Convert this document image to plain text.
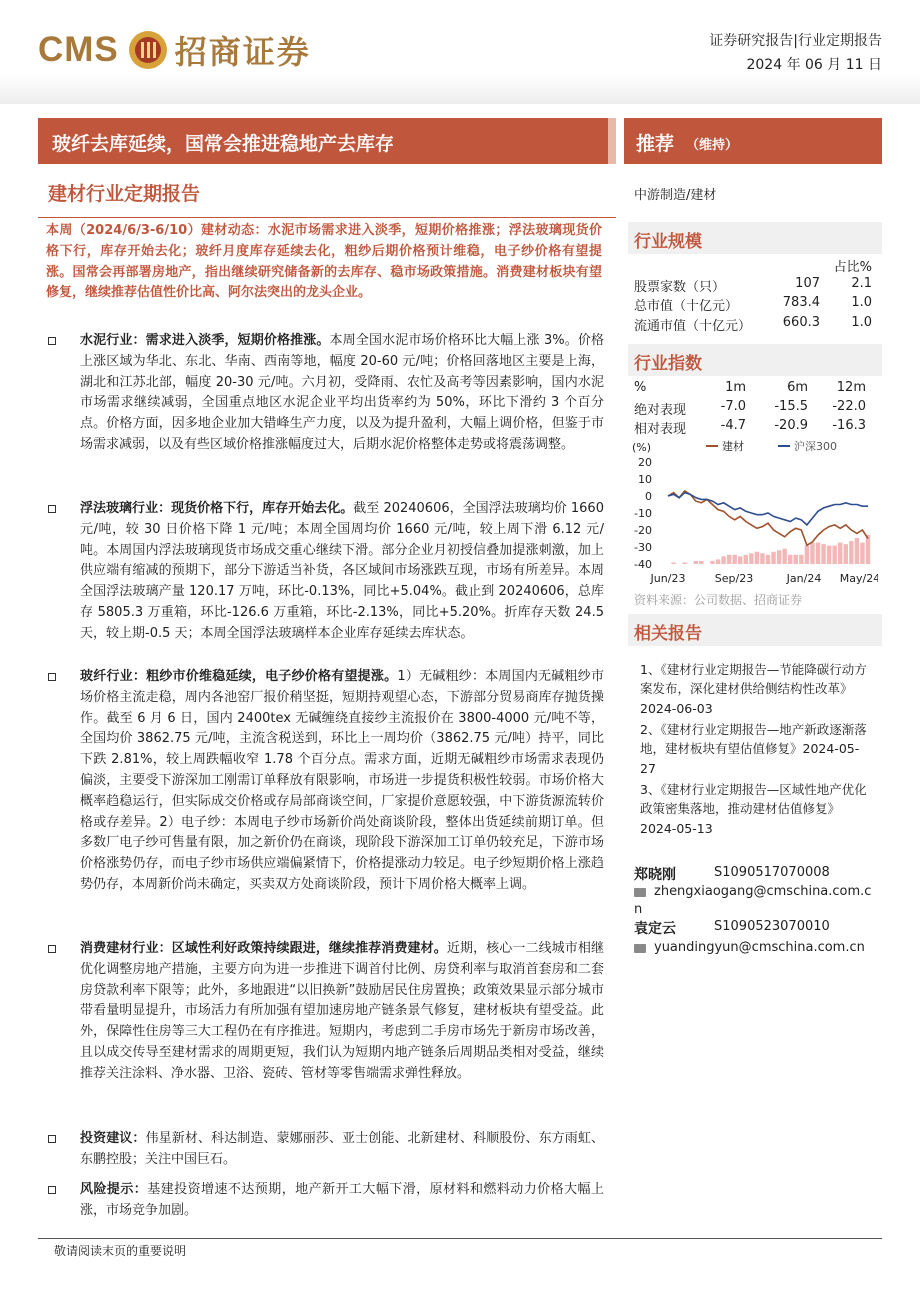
CMS 招商证券	证券研究报告|行业定期报告
2024 年 06 月 11 日
玻纤去库延续，国常会推进稳地产去库存	推荐 （维持）
建材行业定期报告
本周（2024/6/3-6/10）建材动态：水泥市场需求进入淡季，短期价格推涨；浮法玻璃现货价格下行，库存开始去化；玻纤月度库存延续去化，粗纱后期价格预计维稳，电子纱价格有望提涨。国常会再部署房地产，指出继续研究储备新的去库存、稳市场政策措施。消费建材板块有望修复，继续推荐估值性价比高、阿尔法突出的龙头企业。
水泥行业：需求进入淡季，短期价格推涨。本周全国水泥市场价格环比大幅上涨 3%。价格上涨区域为华北、东北、华南、西南等地，幅度 20-60 元/吨；价格回落地区主要是上海，湖北和江苏北部，幅度 20-30 元/吨。六月初，受降雨、农忙及高考等因素影响，国内水泥市场需求继续减弱，全国重点地区水泥企业平均出货率约为 50%，环比下滑约 3 个百分点。价格方面，因多地企业加大错峰生产力度，以及为提升盈利，大幅上调价格，但鉴于市场需求减弱，以及有些区域价格推涨幅度过大，后期水泥价格整体走势或将震荡调整。
浮法玻璃行业：现货价格下行，库存开始去化。截至 20240606，全国浮法玻璃均价 1660 元/吨，较 30 日价格下降 1 元/吨；本周全国周均价 1660 元/吨，较上周下滑 6.12 元/吨。本周国内浮法玻璃现货市场成交重心继续下滑。部分企业月初授信叠加提涨刺激，加上供应端有缩减的预期下，部分下游适当补货，各区域间市场涨跌互现，市场有所差异。本周全国浮法玻璃产量 120.17 万吨，环比-0.13%，同比+5.04%。截止到 20240606，总库存 5805.3 万重箱，环比-126.6 万重箱，环比-2.13%，同比+5.20%。折库存天数 24.5 天，较上期-0.5 天；本周全国浮法玻璃样本企业库存延续去库状态。
玻纤行业：粗纱市价维稳延续，电子纱价格有望提涨。1）无碱粗纱：本周国内无碱粗纱市场价格主流走稳，周内各池窑厂报价稍坚挺，短期持观望心态，下游部分贸易商库存抛货操作。截至 6 月 6 日，国内 2400tex 无碱缠绕直接纱主流报价在 3800-4000 元/吨不等，全国均价 3862.75 元/吨，主流含税送到，环比上一周均价（3862.75 元/吨）持平，同比下跌 2.81%，较上周跌幅收窄 1.78 个百分点。需求方面，近期无碱粗纱市场需求表现仍偏淡，主要受下游深加工刚需订单释放有限影响，市场进一步提货积极性较弱。市场价格大概率趋稳运行，但实际成交价格或存局部商谈空间，厂家提价意愿较强，中下游货源流转价格或存差异。2）电子纱：本周电子纱市场新价尚处商谈阶段，整体出货延续前期订单。但多数厂电子纱可售量有限，加之新价仍在商谈，现阶段下游深加工订单仍较充足，下游市场价格涨势仍存，而电子纱市场供应端偏紧情下，价格提涨动力较足。电子纱短期价格上涨趋势仍存，本周新价尚未确定，买卖双方处商谈阶段，预计下周价格大概率上调。
消费建材行业：区域性利好政策持续跟进，继续推荐消费建材。近期，核心一二线城市相继优化调整房地产措施，主要方向为进一步推进下调首付比例、房贷利率与取消首套房和二套房贷款利率下限等；此外，多地跟进“以旧换新”鼓励居民住房置换；政策效果显示部分城市带看量明显提升，市场活力有所加强有望加速房地产链条景气修复，建材板块有望受益。此外，保障性住房等三大工程仍在有序推进。短期内，考虑到二手房市场先于新房市场改善，且以成交传导至建材需求的周期更短，我们认为短期内地产链条后周期品类相对受益，继续推荐关注涂料、净水器、卫浴、瓷砖、管材等零售端需求弹性释放。
投资建议：伟星新材、科达制造、蒙娜丽莎、亚士创能、北新建材、科顺股份、东方雨虹、东鹏控股；关注中国巨石。
风险提示：基建投资增速不达预期，地产新开工大幅下滑，原材料和燃料动力价格大幅上涨，市场竞争加剧。
中游制造/建材
行业规模
占比%
股票家数（只）	107	2.1
总市值（十亿元）	783.4	1.0
流通市值（十亿元）	660.3	1.0
行业指数
%	1m	6m	12m
绝对表现	-7.0	-15.5	-22.0
相对表现	-4.7	-20.9	-16.3
(%)
20
10
0
-10
-20
-30
-40
建材	沪深300
Jun/23	Sep/23	Jan/24 May/24
资料来源：公司数据、招商证券
相关报告
1、《建材行业定期报告—节能降碳行动方案发布，深化建材供给侧结构性改革》2024-06-03
2、《建材行业定期报告—地产新政逐渐落地，建材板块有望估值修复》2024-05-27
3、《建材行业定期报告—区域性地产优化政策密集落地，推动建材估值修复》2024-05-13
郑晓刚	S1090517070008
zhengxiaogang@cmschina.com.c
n
袁定云	S1090523070010
yuandingyun@cmschina.com.cn
敬请阅读末页的重要说明
